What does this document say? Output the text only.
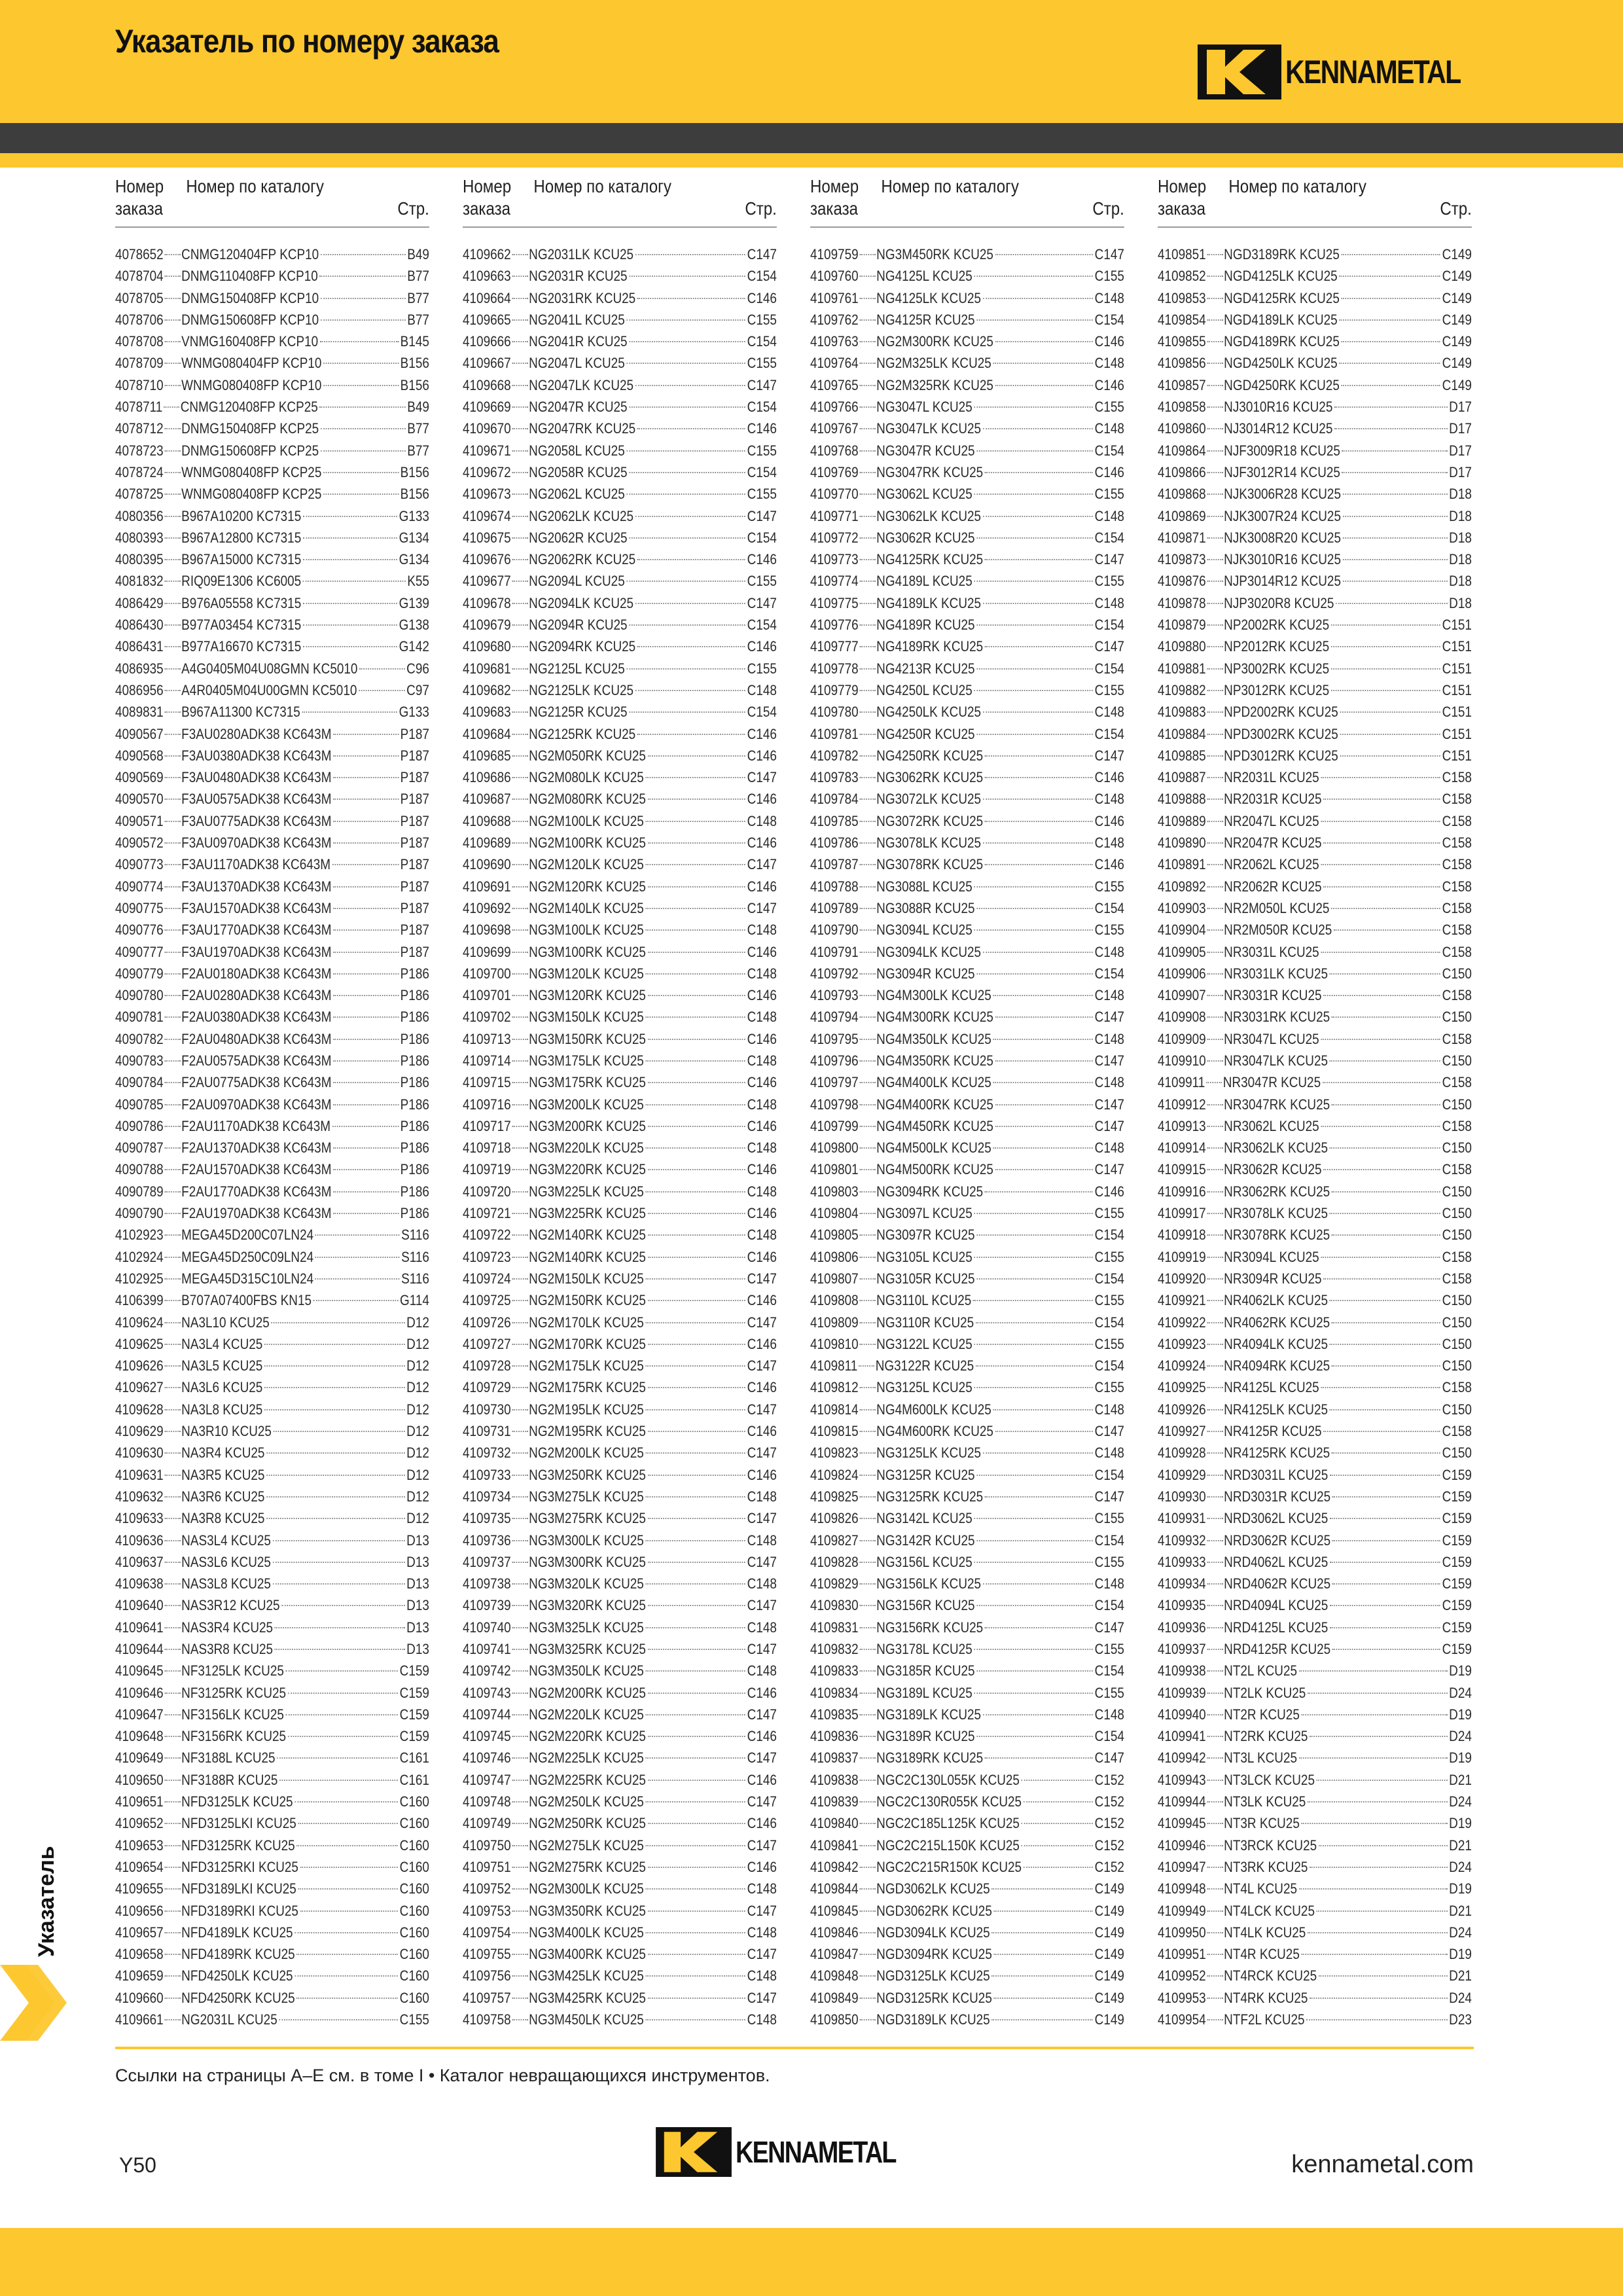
Указатель по номеру заказа
KENNAMETAL
Номер заказа
Номер по каталогу
Стр.
4078652 CNMG120404FP KCP10	B49
4078704 DNMG110408FP KCP10	B77
4078705 DNMG150408FP KCP10	B77
4078706 DNMG150608FP KCP10	B77
4078708 VNMG160408FP KCP10	B145
4078709 WNMG080404FP KCP10	B156
4078710 WNMG080408FP KCP10	B156
4078711 CNMG120408FP KCP25	B49
4078712 DNMG150408FP KCP25	B77
4078723 DNMG150608FP KCP25	B77
4078724 WNMG080408FP KCP25	B156
4078725 WNMG080408FP KCP25	B156
4080356 B967A10200 KC7315	G133
4080393 B967A12800 KC7315	G134
4080395 B967A15000 KC7315	G134
4081832 RIQ09E1306 KC6005	K55
4086429 B976A05558 KC7315	G139
4086430 B977A03454 KC7315	G138
4086431 B977A16670 KC7315	G142
4086935 A4G0405M04U08GMN KC5010	C96
4086956 A4R0405M04U00GMN KC5010	C97
4089831 B967A11300 KC7315	G133
4090567 F3AU0280ADK38 KC643M	P187
4090568 F3AU0380ADK38 KC643M	P187
4090569 F3AU0480ADK38 KC643M	P187
4090570 F3AU0575ADK38 KC643M	P187
4090571 F3AU0775ADK38 KC643M	P187
4090572 F3AU0970ADK38 KC643M	P187
4090773 F3AU1170ADK38 KC643M	P187
4090774 F3AU1370ADK38 KC643M	P187
4090775 F3AU1570ADK38 KC643M	P187
4090776 F3AU1770ADK38 KC643M	P187
4090777 F3AU1970ADK38 KC643M	P187
4090779 F2AU0180ADK38 KC643M	P186
4090780 F2AU0280ADK38 KC643M	P186
4090781 F2AU0380ADK38 KC643M	P186
4090782 F2AU0480ADK38 KC643M	P186
4090783 F2AU0575ADK38 KC643M	P186
4090784 F2AU0775ADK38 KC643M	P186
4090785 F2AU0970ADK38 KC643M	P186
4090786 F2AU1170ADK38 KC643M	P186
4090787 F2AU1370ADK38 KC643M	P186
4090788 F2AU1570ADK38 KC643M	P186
4090789 F2AU1770ADK38 KC643M	P186
4090790 F2AU1970ADK38 KC643M	P186
4102923 MEGA45D200C07LN24	S116
4102924 MEGA45D250C09LN24	S116
4102925 MEGA45D315C10LN24	S116
4106399 B707A07400FBS KN15	G114
4109624 NA3L10 KCU25	D12
4109625 NA3L4 KCU25	D12
4109626 NA3L5 KCU25	D12
4109627 NA3L6 KCU25	D12
4109628 NA3L8 KCU25	D12
4109629 NA3R10 KCU25	D12
4109630 NA3R4 KCU25	D12
4109631 NA3R5 KCU25	D12
4109632 NA3R6 KCU25	D12
4109633 NA3R8 KCU25	D12
4109636 NAS3L4 KCU25	D13
4109637 NAS3L6 KCU25	D13
4109638 NAS3L8 KCU25	D13
4109640 NAS3R12 KCU25	D13
4109641 NAS3R4 KCU25	D13
4109644 NAS3R8 KCU25	D13
4109645 NF3125LK KCU25	C159
4109646 NF3125RK KCU25	C159
4109647 NF3156LK KCU25	C159
4109648 NF3156RK KCU25	C159
4109649 NF3188L KCU25	C161
4109650 NF3188R KCU25	C161
4109651 NFD3125LK KCU25	C160
4109652 NFD3125LKI KCU25	C160
4109653 NFD3125RK KCU25	C160
4109654 NFD3125RKI KCU25	C160
4109655 NFD3189LKI KCU25	C160
4109656 NFD3189RKI KCU25	C160
4109657 NFD4189LK KCU25	C160
4109658 NFD4189RK KCU25	C160
4109659 NFD4250LK KCU25	C160
4109660 NFD4250RK KCU25	C160
4109661 NG2031L KCU25	C155
Номер заказа
Номер по каталогу
Стр.
4109662 NG2031LK KCU25	C147
4109663 NG2031R KCU25	C154
4109664 NG2031RK KCU25	C146
4109665 NG2041L KCU25	C155
4109666 NG2041R KCU25	C154
4109667 NG2047L KCU25	C155
4109668 NG2047LK KCU25	C147
4109669 NG2047R KCU25	C154
4109670 NG2047RK KCU25	C146
4109671 NG2058L KCU25	C155
4109672 NG2058R KCU25	C154
4109673 NG2062L KCU25	C155
4109674 NG2062LK KCU25	C147
4109675 NG2062R KCU25	C154
4109676 NG2062RK KCU25	C146
4109677 NG2094L KCU25	C155
4109678 NG2094LK KCU25	C147
4109679 NG2094R KCU25	C154
4109680 NG2094RK KCU25	C146
4109681 NG2125L KCU25	C155
4109682 NG2125LK KCU25	C148
4109683 NG2125R KCU25	C154
4109684 NG2125RK KCU25	C146
4109685 NG2M050RK KCU25	C146
4109686 NG2M080LK KCU25	C147
4109687 NG2M080RK KCU25	C146
4109688 NG2M100LK KCU25	C148
4109689 NG2M100RK KCU25	C146
4109690 NG2M120LK KCU25	C147
4109691 NG2M120RK KCU25	C146
4109692 NG2M140LK KCU25	C147
4109698 NG3M100LK KCU25	C148
4109699 NG3M100RK KCU25	C146
4109700 NG3M120LK KCU25	C148
4109701 NG3M120RK KCU25	C146
4109702 NG3M150LK KCU25	C148
4109713 NG3M150RK KCU25	C146
4109714 NG3M175LK KCU25	C148
4109715 NG3M175RK KCU25	C146
4109716 NG3M200LK KCU25	C148
4109717 NG3M200RK KCU25	C146
4109718 NG3M220LK KCU25	C148
4109719 NG3M220RK KCU25	C146
4109720 NG3M225LK KCU25	C148
4109721 NG3M225RK KCU25	C146
4109722 NG2M140RK KCU25	C148
4109723 NG2M140RK KCU25	C146
4109724 NG2M150LK KCU25	C147
4109725 NG2M150RK KCU25	C146
4109726 NG2M170LK KCU25	C147
4109727 NG2M170RK KCU25	C146
4109728 NG2M175LK KCU25	C147
4109729 NG2M175RK KCU25	C146
4109730 NG2M195LK KCU25	C147
4109731 NG2M195RK KCU25	C146
4109732 NG2M200LK KCU25	C147
4109733 NG3M250RK KCU25	C146
4109734 NG3M275LK KCU25	C148
4109735 NG3M275RK KCU25	C147
4109736 NG3M300LK KCU25	C148
4109737 NG3M300RK KCU25	C147
4109738 NG3M320LK KCU25	C148
4109739 NG3M320RK KCU25	C147
4109740 NG3M325LK KCU25	C148
4109741 NG3M325RK KCU25	C147
4109742 NG3M350LK KCU25	C148
4109743 NG2M200RK KCU25	C146
4109744 NG2M220LK KCU25	C147
4109745 NG2M220RK KCU25	C146
4109746 NG2M225LK KCU25	C147
4109747 NG2M225RK KCU25	C146
4109748 NG2M250LK KCU25	C147
4109749 NG2M250RK KCU25	C146
4109750 NG2M275LK KCU25	C147
4109751 NG2M275RK KCU25	C146
4109752 NG2M300LK KCU25	C148
4109753 NG3M350RK KCU25	C147
4109754 NG3M400LK KCU25	C148
4109755 NG3M400RK KCU25	C147
4109756 NG3M425LK KCU25	C148
4109757 NG3M425RK KCU25	C147
4109758 NG3M450LK KCU25	C148
Номер заказа
Номер по каталогу
Стр.
4109759 NG3M450RK KCU25	C147
4109760 NG4125L KCU25	C155
4109761 NG4125LK KCU25	C148
4109762 NG4125R KCU25	C154
4109763 NG2M300RK KCU25	C146
4109764 NG2M325LK KCU25	C148
4109765 NG2M325RK KCU25	C146
4109766 NG3047L KCU25	C155
4109767 NG3047LK KCU25	C148
4109768 NG3047R KCU25	C154
4109769 NG3047RK KCU25	C146
4109770 NG3062L KCU25	C155
4109771 NG3062LK KCU25	C148
4109772 NG3062R KCU25	C154
4109773 NG4125RK KCU25	C147
4109774 NG4189L KCU25	C155
4109775 NG4189LK KCU25	C148
4109776 NG4189R KCU25	C154
4109777 NG4189RK KCU25	C147
4109778 NG4213R KCU25	C154
4109779 NG4250L KCU25	C155
4109780 NG4250LK KCU25	C148
4109781 NG4250R KCU25	C154
4109782 NG4250RK KCU25	C147
4109783 NG3062RK KCU25	C146
4109784 NG3072LK KCU25	C148
4109785 NG3072RK KCU25	C146
4109786 NG3078LK KCU25	C148
4109787 NG3078RK KCU25	C146
4109788 NG3088L KCU25	C155
4109789 NG3088R KCU25	C154
4109790 NG3094L KCU25	C155
4109791 NG3094LK KCU25	C148
4109792 NG3094R KCU25	C154
4109793 NG4M300LK KCU25	C148
4109794 NG4M300RK KCU25	C147
4109795 NG4M350LK KCU25	C148
4109796 NG4M350RK KCU25	C147
4109797 NG4M400LK KCU25	C148
4109798 NG4M400RK KCU25	C147
4109799 NG4M450RK KCU25	C147
4109800 NG4M500LK KCU25	C148
4109801 NG4M500RK KCU25	C147
4109803 NG3094RK KCU25	C146
4109804 NG3097L KCU25	C155
4109805 NG3097R KCU25	C154
4109806 NG3105L KCU25	C155
4109807 NG3105R KCU25	C154
4109808 NG3110L KCU25	C155
4109809 NG3110R KCU25	C154
4109810 NG3122L KCU25	C155
4109811 NG3122R KCU25	C154
4109812 NG3125L KCU25	C155
4109814 NG4M600LK KCU25	C148
4109815 NG4M600RK KCU25	C147
4109823 NG3125LK KCU25	C148
4109824 NG3125R KCU25	C154
4109825 NG3125RK KCU25	C147
4109826 NG3142L KCU25	C155
4109827 NG3142R KCU25	C154
4109828 NG3156L KCU25	C155
4109829 NG3156LK KCU25	C148
4109830 NG3156R KCU25	C154
4109831 NG3156RK KCU25	C147
4109832 NG3178L KCU25	C155
4109833 NG3185R KCU25	C154
4109834 NG3189L KCU25	C155
4109835 NG3189LK KCU25	C148
4109836 NG3189R KCU25	C154
4109837 NG3189RK KCU25	C147
4109838 NGC2C130L055K KCU25	C152
4109839 NGC2C130R055K KCU25	C152
4109840 NGC2C185L125K KCU25	C152
4109841 NGC2C215L150K KCU25	C152
4109842 NGC2C215R150K KCU25	C152
4109844 NGD3062LK KCU25	C149
4109845 NGD3062RK KCU25	C149
4109846 NGD3094LK KCU25	C149
4109847 NGD3094RK KCU25	C149
4109848 NGD3125LK KCU25	C149
4109849 NGD3125RK KCU25	C149
4109850 NGD3189LK KCU25	C149
Номер заказа
Номер по каталогу
Стр.
4109851 NGD3189RK KCU25	C149
4109852 NGD4125LK KCU25	C149
4109853 NGD4125RK KCU25	C149
4109854 NGD4189LK KCU25	C149
4109855 NGD4189RK KCU25	C149
4109856 NGD4250LK KCU25	C149
4109857 NGD4250RK KCU25	C149
4109858 NJ3010R16 KCU25	D17
4109860 NJ3014R12 KCU25	D17
4109864 NJF3009R18 KCU25	D17
4109866 NJF3012R14 KCU25	D17
4109868 NJK3006R28 KCU25	D18
4109869 NJK3007R24 KCU25	D18
4109871 NJK3008R20 KCU25	D18
4109873 NJK3010R16 KCU25	D18
4109876 NJP3014R12 KCU25	D18
4109878 NJP3020R8 KCU25	D18
4109879 NP2002RK KCU25	C151
4109880 NP2012RK KCU25	C151
4109881 NP3002RK KCU25	C151
4109882 NP3012RK KCU25	C151
4109883 NPD2002RK KCU25	C151
4109884 NPD3002RK KCU25	C151
4109885 NPD3012RK KCU25	C151
4109887 NR2031L KCU25	C158
4109888 NR2031R KCU25	C158
4109889 NR2047L KCU25	C158
4109890 NR2047R KCU25	C158
4109891 NR2062L KCU25	C158
4109892 NR2062R KCU25	C158
4109903 NR2M050L KCU25	C158
4109904 NR2M050R KCU25	C158
4109905 NR3031L KCU25	C158
4109906 NR3031LK KCU25	C150
4109907 NR3031R KCU25	C158
4109908 NR3031RK KCU25	C150
4109909 NR3047L KCU25	C158
4109910 NR3047LK KCU25	C150
4109911 NR3047R KCU25	C158
4109912 NR3047RK KCU25	C150
4109913 NR3062L KCU25	C158
4109914 NR3062LK KCU25	C150
4109915 NR3062R KCU25	C158
4109916 NR3062RK KCU25	C150
4109917 NR3078LK KCU25	C150
4109918 NR3078RK KCU25	C150
4109919 NR3094L KCU25	C158
4109920 NR3094R KCU25	C158
4109921 NR4062LK KCU25	C150
4109922 NR4062RK KCU25	C150
4109923 NR4094LK KCU25	C150
4109924 NR4094RK KCU25	C150
4109925 NR4125L KCU25	C158
4109926 NR4125LK KCU25	C150
4109927 NR4125R KCU25	C158
4109928 NR4125RK KCU25	C150
4109929 NRD3031L KCU25	C159
4109930 NRD3031R KCU25	C159
4109931 NRD3062L KCU25	C159
4109932 NRD3062R KCU25	C159
4109933 NRD4062L KCU25	C159
4109934 NRD4062R KCU25	C159
4109935 NRD4094L KCU25	C159
4109936 NRD4125L KCU25	C159
4109937 NRD4125R KCU25	C159
4109938 NT2L KCU25	D19
4109939 NT2LK KCU25	D24
4109940 NT2R KCU25	D19
4109941 NT2RK KCU25	D24
4109942 NT3L KCU25	D19
4109943 NT3LCK KCU25	D21
4109944 NT3LK KCU25	D24
4109945 NT3R KCU25	D19
4109946 NT3RCK KCU25	D21
4109947 NT3RK KCU25	D24
4109948 NT4L KCU25	D19
4109949 NT4LCK KCU25	D21
4109950 NT4LK KCU25	D24
4109951 NT4R KCU25	D19
4109952 NT4RCK KCU25	D21
4109953 NT4RK KCU25	D24
4109954 NTF2L KCU25	D23
Ссылки на страницы A–E см. в томе I • Каталог невращающихся инструментов.
Y50	KENNAMETAL	kennametal.com
Указатель
